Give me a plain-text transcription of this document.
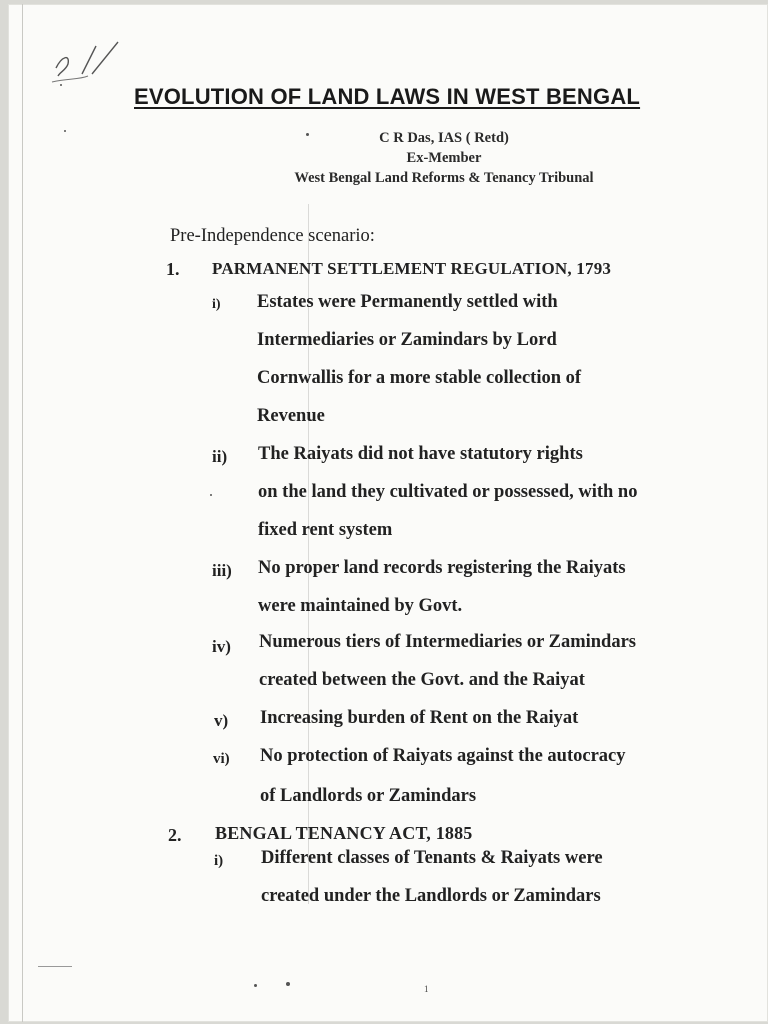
EVOLUTION OF LAND LAWS IN WEST BENGAL
C R Das, IAS ( Retd)
Ex-Member
West Bengal Land Reforms & Tenancy Tribunal
Pre-Independence scenario:
1. PARMANENT SETTLEMENT REGULATION, 1793
i) Estates were Permanently settled with
Intermediaries or Zamindars by Lord
Cornwallis for a more stable collection of
Revenue
ii) The Raiyats did not have statutory rights
on the land they cultivated or possessed, with no
fixed rent system
iii) No proper land records registering the Raiyats
were maintained by Govt.
iv) Numerous tiers of Intermediaries or Zamindars
created between the Govt. and the Raiyat
v) Increasing burden of Rent on the Raiyat
vi) No protection of Raiyats against the autocracy
of Landlords or Zamindars
2. BENGAL TENANCY ACT, 1885
i) Different classes of Tenants & Raiyats were
created under the Landlords or Zamindars
1
